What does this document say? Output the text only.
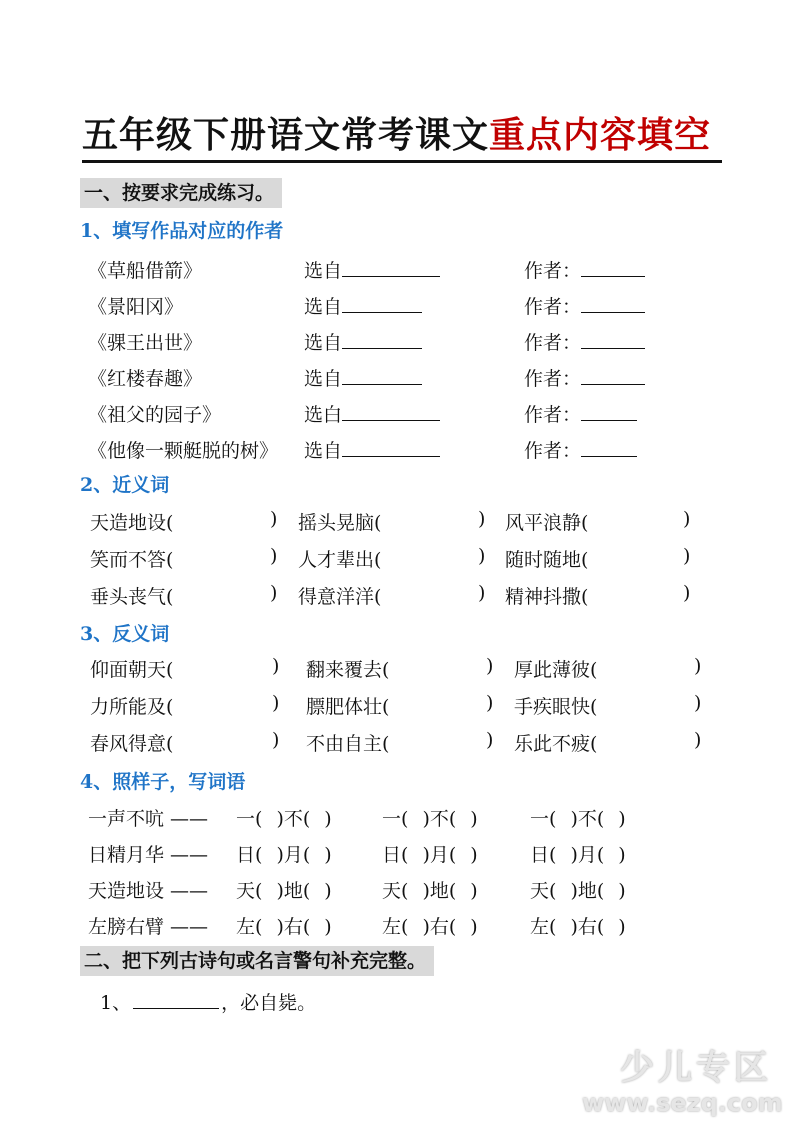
五年级下册语文常考课文重点内容填空
一、按要求完成练习。
1、填写作品对应的作者
《草船借箭》	选自	作者：
《景阳冈》	选自	作者：
《骒王出世》	选自	作者：
《红楼春趣》	选自	作者：
《祖父的园子》	选白	作者：
《他像一颗艇脱的树》 选自	作者：
2、近义词
天造地设(	) 摇头晃脑(	) 风平浪静(	)
笑而不答(	) 人才辈出(	) 随时随地(	)
垂头丧气(	) 得意洋洋(	) 精神抖撒(	)
3、反义词
仰面朝天(	) 翻来覆去(	) 厚此薄彼(	)
力所能及(	) 膘肥体壮(	) 手疾眼快(	)
春风得意(	) 不由自主(	) 乐此不疲(	)
4、照样子，写词语
一声不吭 —— 一( )不( )	一( )不( )	一( )不( )
日精月华 —— 日( )月( )	日( )月( )	日( )月( )
天造地设 —— 天( )地( )	天( )地( )	天( )地( )
左膀右臂 —— 左( )右( )	左( )右( )	左( )右( )
二、把下列古诗句或名言警句补充完整。
1、	，必自毙。
少儿专区
www.sezq.com
